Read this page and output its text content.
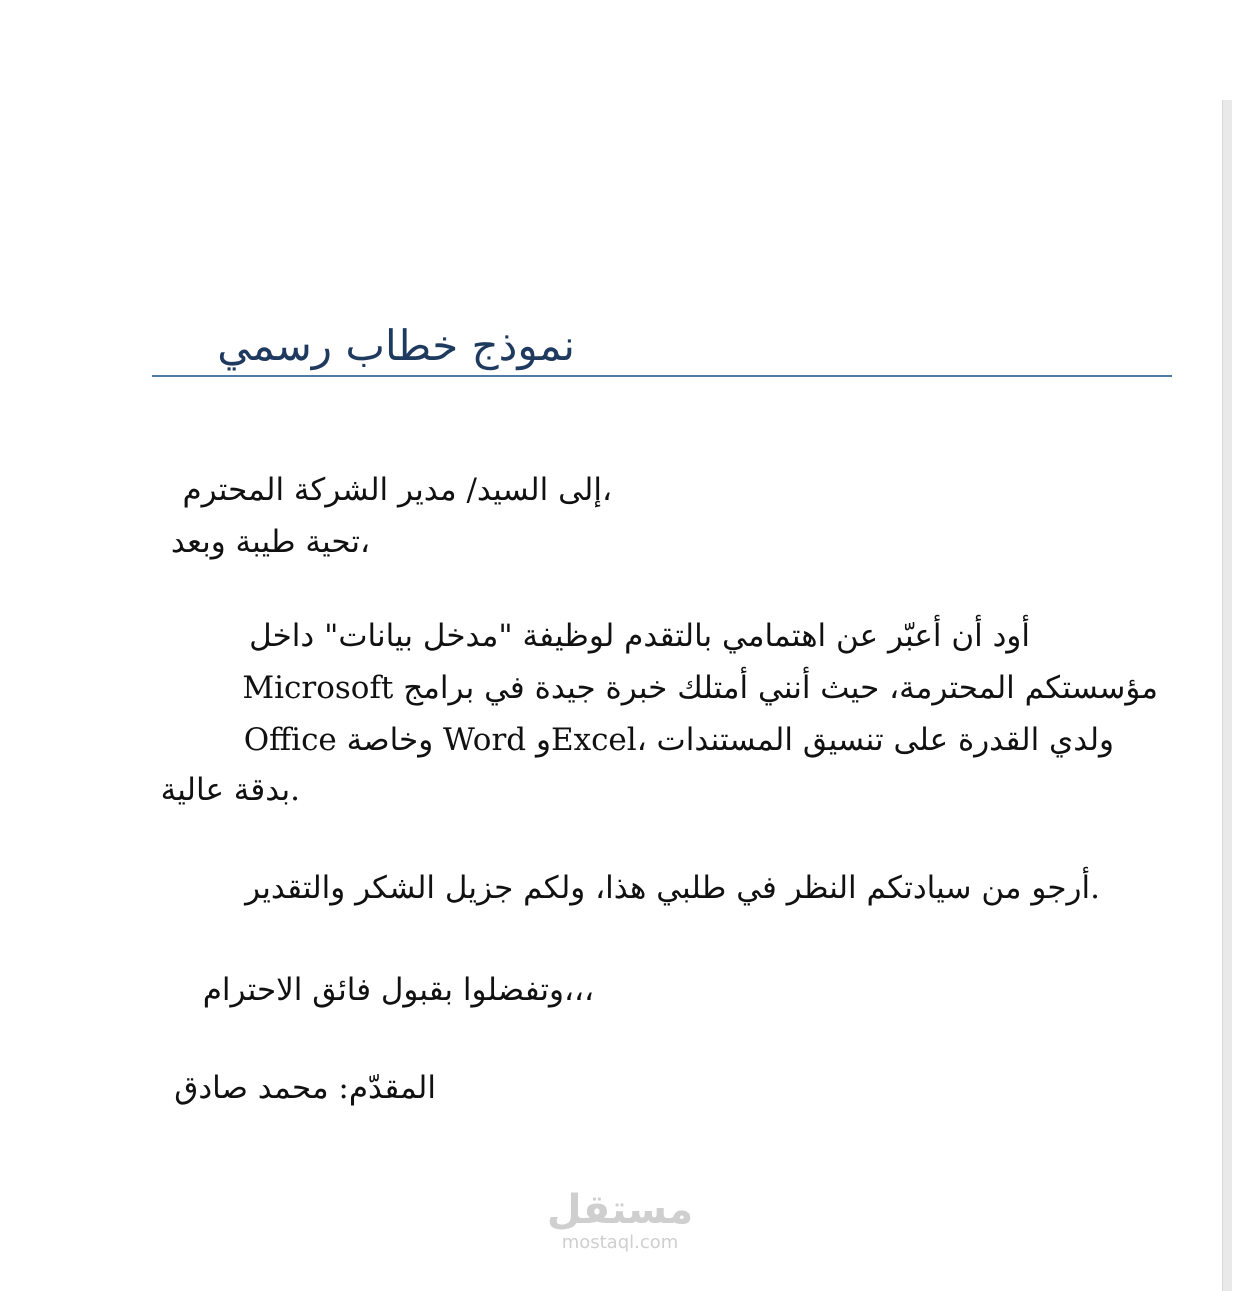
نموذج خطاب رسمي
،إلى السيد/ مدير الشركة المحترم
،تحية طيبة وبعد
أود أن أعبّر عن اهتمامي بالتقدم لوظيفة "مدخل بيانات" داخل
مؤسستكم المحترمة، حيث أنني أمتلك خبرة جيدة في برامج Microsoft
Office وخاصة Word وExcel، ولدي القدرة على تنسيق المستندات
.بدقة عالية
.أرجو من سيادتكم النظر في طلبي هذا، ولكم جزيل الشكر والتقدير
،،،وتفضلوا بقبول فائق الاحترام
المقدّم: محمد صادق
مستقل
mostaql.com
